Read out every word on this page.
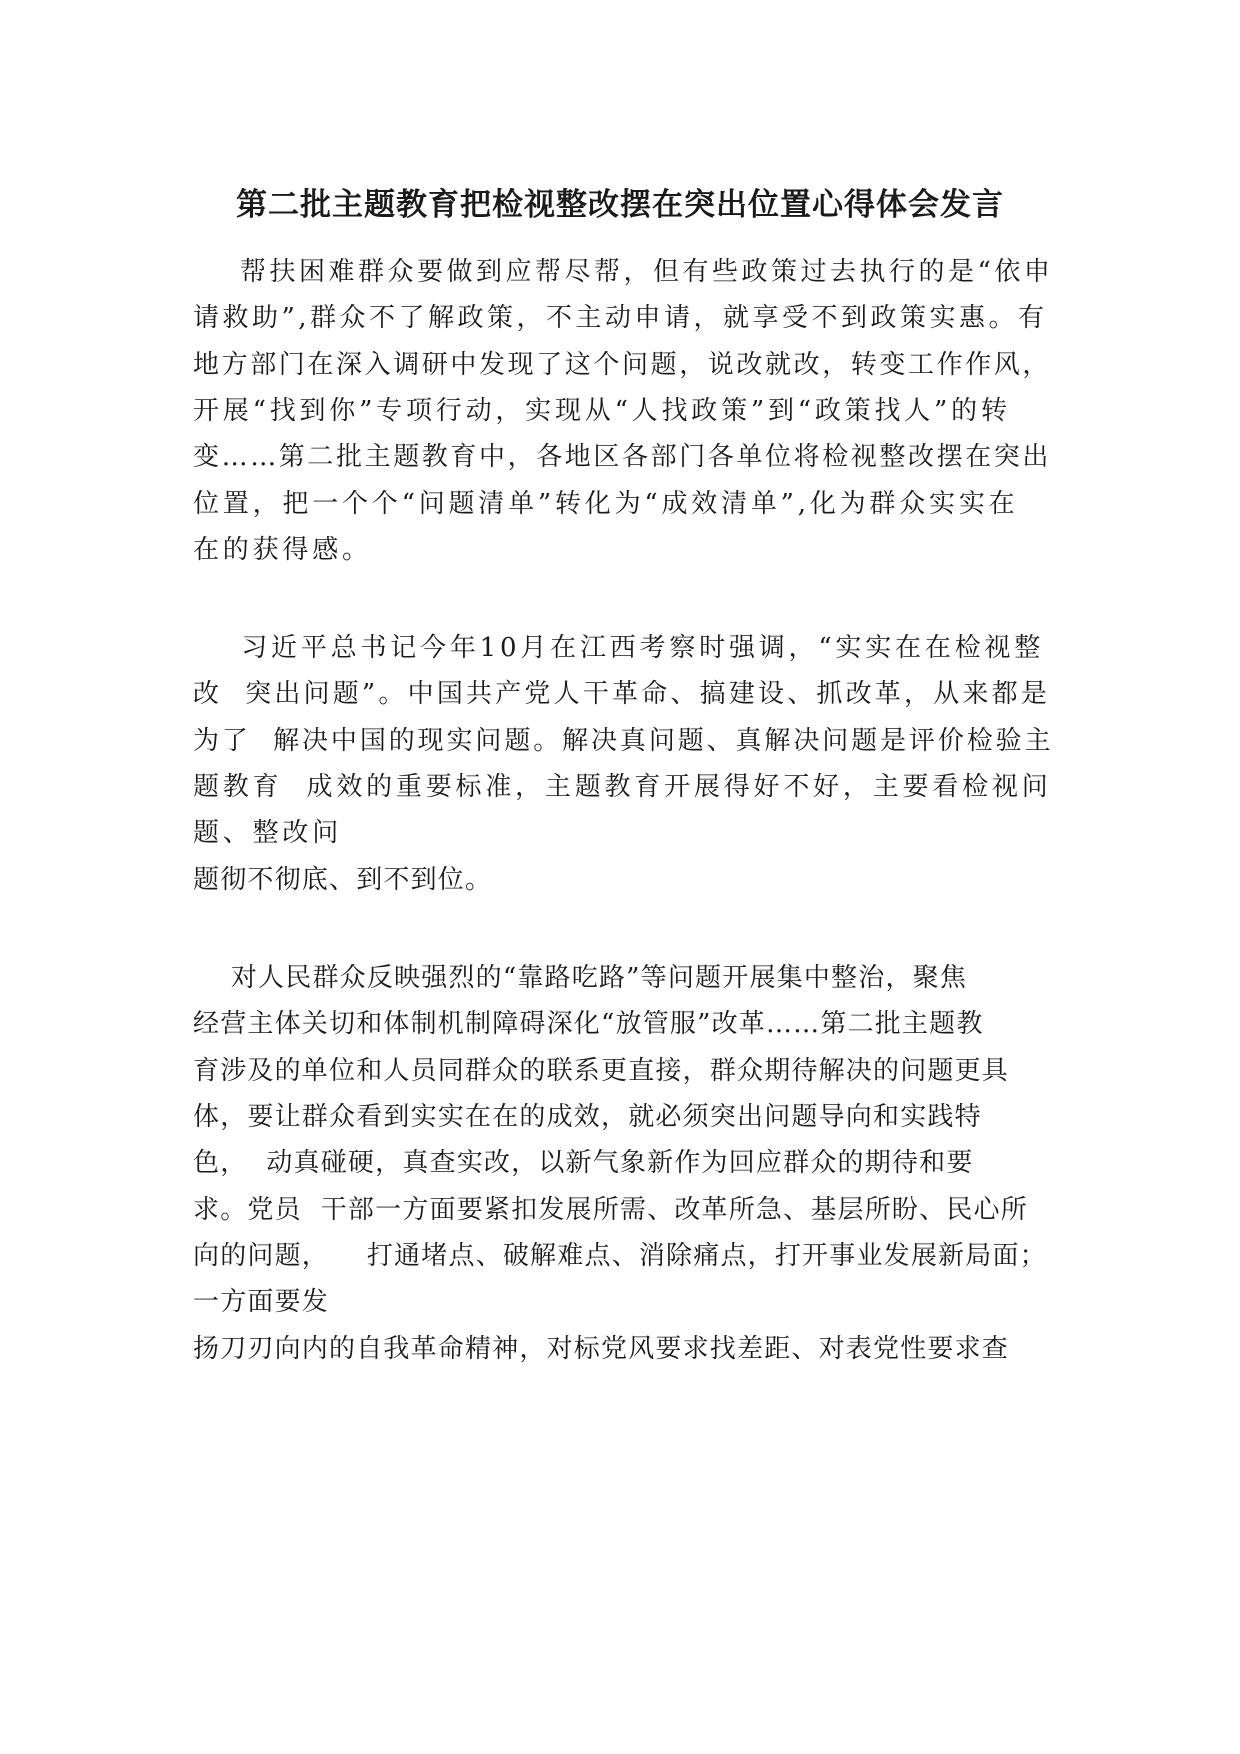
第二批主题教育把检视整改摆在突出位置心得体会发言
帮扶困难群众要做到应帮尽帮，但有些政策过去执行的是“依申
请救助”,群众不了解政策，不主动申请，就享受不到政策实惠。有
地方部门在深入调研中发现了这个问题，说改就改，转变工作作风，
开展“找到你”专项行动，实现从“人找政策”到“政策找人”的转
变……第二批主题教育中，各地区各部门各单位将检视整改摆在突出
位置，把一个个“问题清单”转化为“成效清单”,化为群众实实在
在的获得感。
习近平总书记今年10月在江西考察时强调，“实实在在检视整
改  突出问题”。中国共产党人干革命、搞建设、抓改革，从来都是
为了  解决中国的现实问题。解决真问题、真解决问题是评价检验主
题教育  成效的重要标准，主题教育开展得好不好，主要看检视问
题、整改问
题彻不彻底、到不到位。
对人民群众反映强烈的“靠路吃路”等问题开展集中整治，聚焦
经营主体关切和体制机制障碍深化“放管服”改革……第二批主题教
育涉及的单位和人员同群众的联系更直接，群众期待解决的问题更具
体，要让群众看到实实在在的成效，就必须突出问题导向和实践特
色，  动真碰硬，真查实改，以新气象新作为回应群众的期待和要
求。党员  干部一方面要紧扣发展所需、改革所急、基层所盼、民心所
向的问题，    打通堵点、破解难点、消除痛点，打开事业发展新局面；
一方面要发
扬刀刃向内的自我革命精神，对标党风要求找差距、对表党性要求查
